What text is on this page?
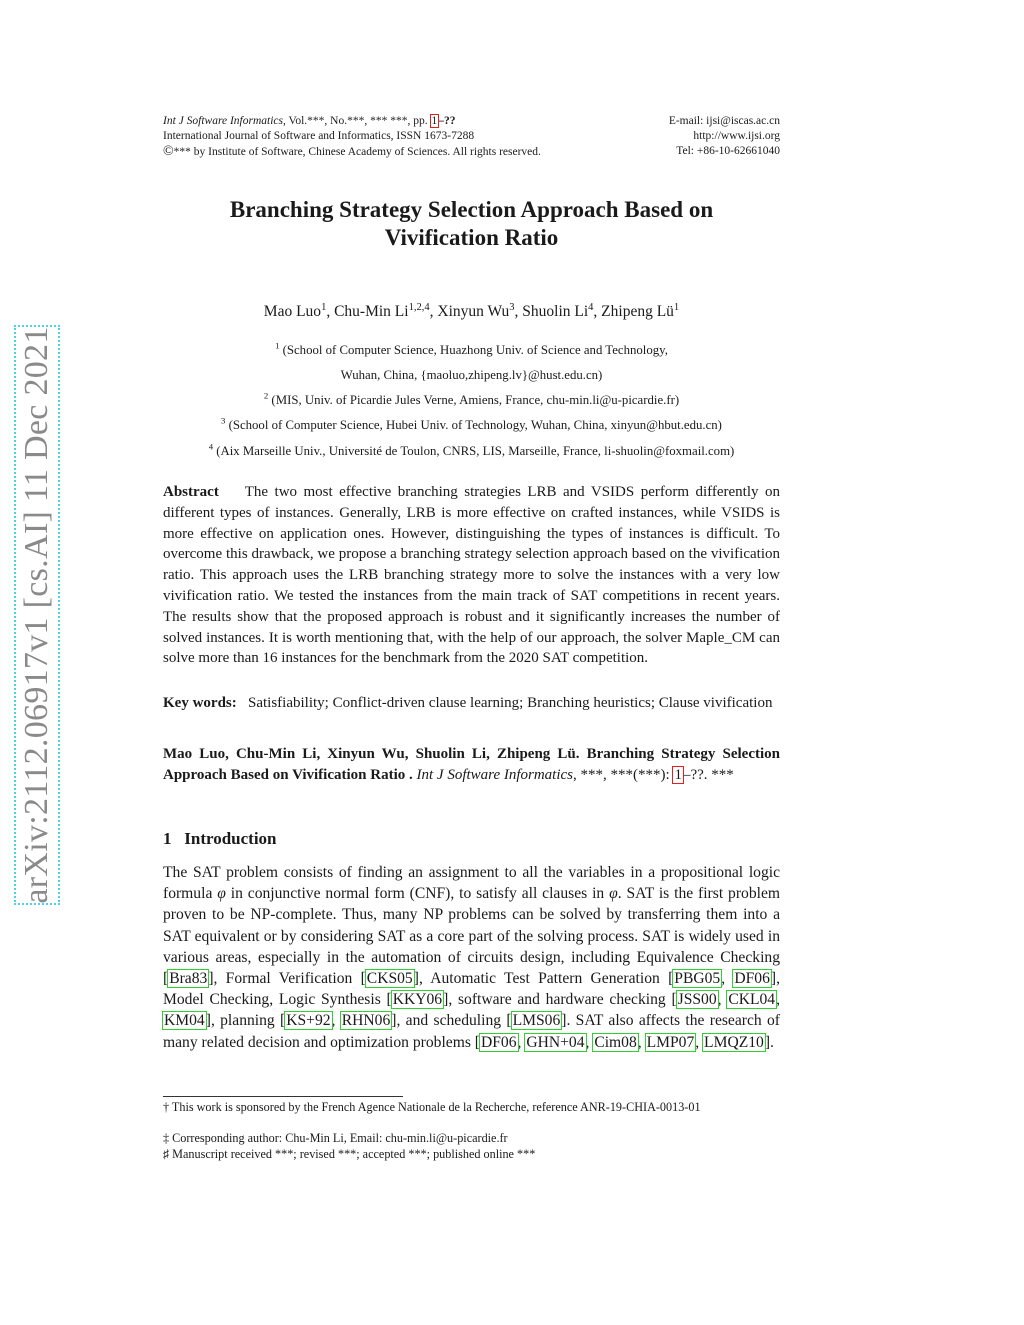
arXiv:2112.06917v1 [cs.AI] 11 Dec 2021
Int J Software Informatics, Vol.***, No.***, *** ***, pp. 1–??	E-mail: ijsi@iscas.ac.cn
International Journal of Software and Informatics, ISSN 1673-7288	http://www.ijsi.org
©*** by Institute of Software, Chinese Academy of Sciences. All rights reserved.	Tel: +86-10-62661040
Branching Strategy Selection Approach Based on
Vivification Ratio
Mao Luo$^1$, Chu-Min Li$^{1,2,4}$, Xinyun Wu$^3$, Shuolin Li$^4$, Zhipeng $Lü^1$
$^1$ (School of Computer Science, Huazhong Univ. of Science and Technology,
Wuhan, China, {maoluo,zhipeng.lv}@hust.edu.cn)
$^2$ (MIS, Univ. of Picardie Jules Verne, Amiens, France, chu-min.li@u-picardie.fr)
$^3$ (School of Computer Science, Hubei Univ. of Technology, Wuhan, China, xinyun@hbut.edu.cn)
$^4$ (Aix Marseille Univ., Université de Toulon, CNRS, LIS, Marseille, France, li-shuolin@foxmail.com)
Abstract The two most effective branching strategies LRB and VSIDS perform differently on different types of instances. Generally, LRB is more effective on crafted instances, while VSIDS is more effective on application ones. However, distinguishing the types of instances is difficult. To overcome this drawback, we propose a branching strategy selection approach based on the vivification ratio. This approach uses the LRB branching strategy more to solve the instances with a very low vivification ratio. We tested the instances from the main track of SAT competitions in recent years. The results show that the proposed approach is robust and it significantly increases the number of solved instances. It is worth mentioning that, with the help of our approach, the solver Maple_CM can solve more than 16 instances for the benchmark from the 2020 SAT competition.
Key words: Satisfiability; Conflict-driven clause learning; Branching heuristics; Clause vivification
Mao Luo, Chu-Min Li, Xinyun Wu, Shuolin Li, Zhipeng Lü. Branching Strategy Selection Approach Based on Vivification Ratio . Int J Software Informatics, ***, ***(***): 1–??. ***
1 Introduction
The SAT problem consists of finding an assignment to all the variables in a propositional logic formula φ in conjunctive normal form (CNF), to satisfy all clauses in φ. SAT is the first problem proven to be NP-complete. Thus, many NP problems can be solved by transferring them into a SAT equivalent or by considering SAT as a core part of the solving process. SAT is widely used in various areas, especially in the automation of circuits design, including Equivalence Checking [Bra83], Formal Verification [CKS05], Automatic Test Pattern Generation [PBG05, DF06], Model Checking, Logic Synthesis [KKY06], software and hardware checking [JSS00, CKL04, KM04], planning [KS+92, RHN06], and scheduling [LMS06]. SAT also affects the research of many related decision and optimization problems [DF06, GHN+04, Cim08, LMP07, LMQZ10].
† This work is sponsored by the French Agence Nationale de la Recherche, reference ANR-19-CHIA-0013-01
‡ Corresponding author: Chu-Min Li, Email: chu-min.li@u-picardie.fr
♯ Manuscript received ***; revised ***; accepted ***; published online ***
